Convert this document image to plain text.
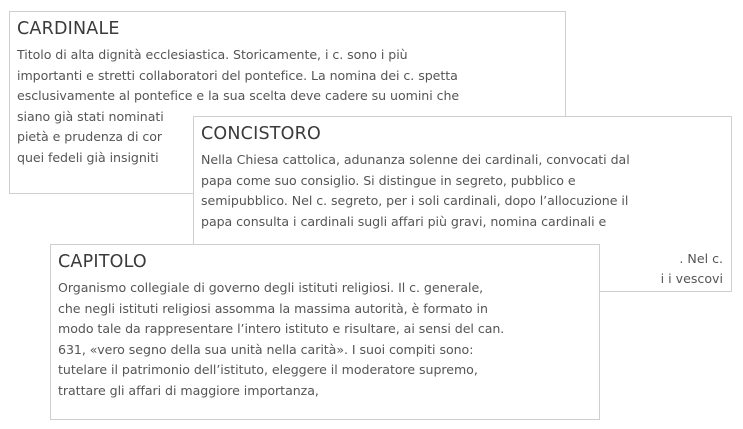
CARDINALE
Titolo di alta dignità ecclesiastica. Storicamente, i c. sono i più
importanti e stretti collaboratori del pontefice. La nomina dei c. spetta
esclusivamente al pontefice e la sua scelta deve cadere su uomini che
siano già stati nominati
pietà e prudenza di cor
quei fedeli già insigniti
CONCISTORO
Nella Chiesa cattolica, adunanza solenne dei cardinali, convocati dal
papa come suo consiglio. Si distingue in segreto, pubblico e
semipubblico. Nel c. segreto, per i soli cardinali, dopo l’allocuzione il
papa consulta i cardinali sugli affari più gravi, nomina cardinali e
. Nel c.
i i vescovi
CAPITOLO
Organismo collegiale di governo degli istituti religiosi. Il c. generale,
che negli istituti religiosi assomma la massima autorità, è formato in
modo tale da rappresentare l’intero istituto e risultare, ai sensi del can.
631, «vero segno della sua unità nella carità». I suoi compiti sono:
tutelare il patrimonio dell’istituto, eleggere il moderatore supremo,
trattare gli affari di maggiore importanza,
